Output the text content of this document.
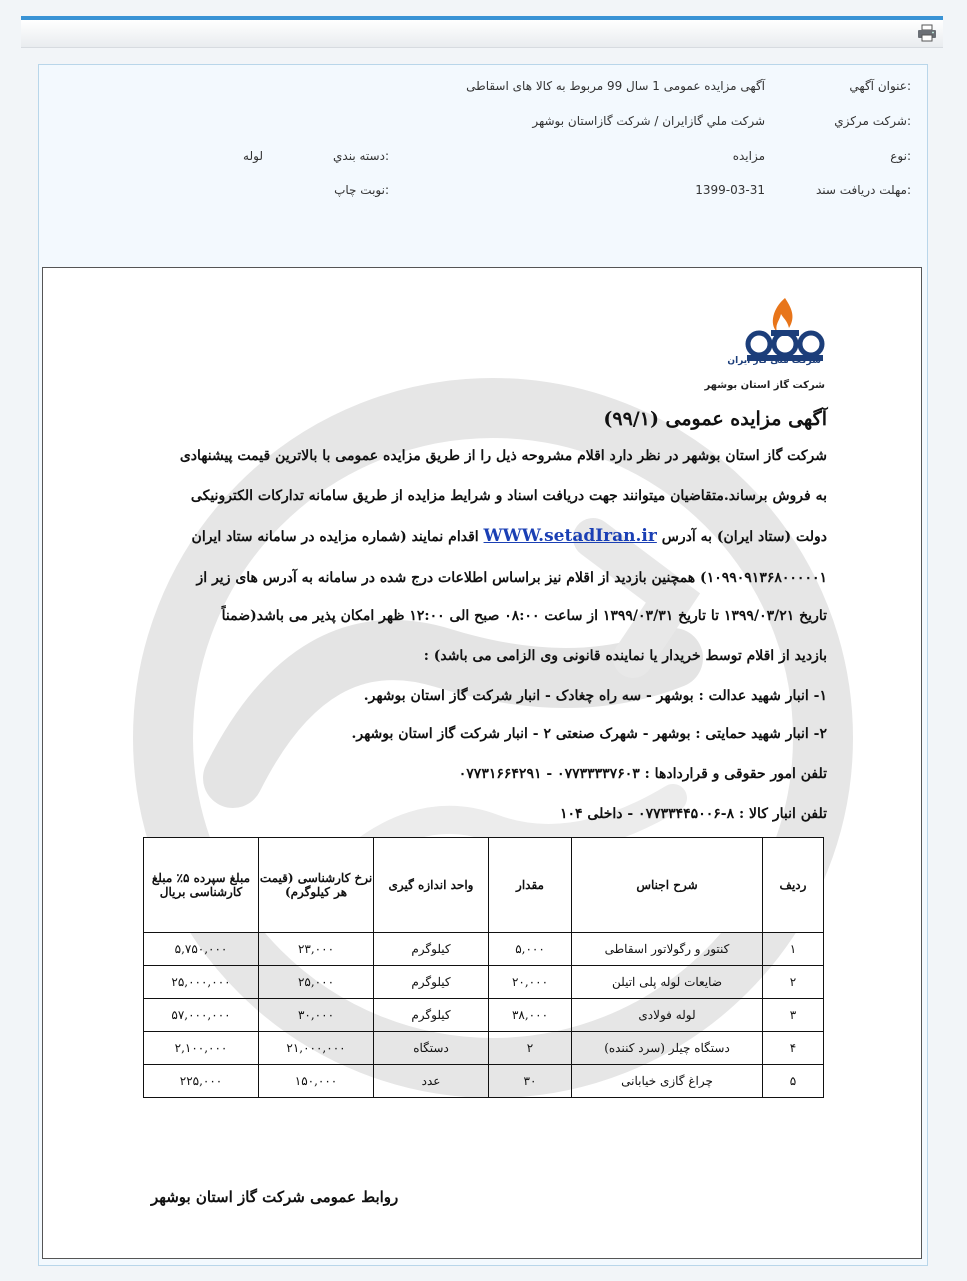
عنوان آگهي:
آگهی مزایده عمومی 1 سال 99 مربوط به کالا های اسقاطی
شرکت مرکزي:
شرکت ملي گازايران / شرکت گازاستان بوشهر
نوع:
مزايده
دسته بندي:
لوله
مهلت دريافت سند:
1399-03-31
نوبت چاپ:
شرکت ملی گاز ایران
شرکت گاز استان بوشهر
آگهی مزایده عمومی (۹۹/۱)
شرکت گاز استان بوشهر در نظر دارد اقلام مشروحه ذیل را از طریق مزایده عمومی با بالاترین قیمت پیشنهادی
به فروش برساند.متقاضیان میتوانند جهت دریافت اسناد و شرایط مزایده از طریق سامانه تدارکات الکترونیکی
دولت (ستاد ایران) به آدرس WWW.setadIran.ir اقدام نمایند (شماره مزایده در سامانه ستاد ایران
۱۰۹۹۰۹۱۳۶۸۰۰۰۰۰۱) همچنین بازدید از اقلام نیز براساس اطلاعات درج شده در سامانه به آدرس های زیر از
تاریخ ۱۳۹۹/۰۳/۲۱ تا تاریخ ۱۳۹۹/۰۳/۳۱ از ساعت ۰۸:۰۰ صبح الی ۱۲:۰۰ ظهر امکان پذیر می باشد(ضمناً
بازدید از اقلام توسط خریدار یا نماینده قانونی وی الزامی می باشد) :
۱- انبار شهید عدالت : بوشهر - سه راه چغادک - انبار شرکت گاز استان بوشهر.
۲- انبار شهید حمایتی : بوشهر - شهرک صنعتی ۲ - انبار شرکت گاز استان بوشهر.
تلفن امور حقوقی و قراردادها : ۰۷۷۳۳۳۳۷۶۰۳ - ۰۷۷۳۱۶۶۴۲۹۱
تلفن انبار کالا : ۸-۰۷۷۳۳۴۴۵۰۰۶ - داخلی ۱۰۴
ردیف	شرح اجناس	مقدار	واحد اندازه گیری	نرخ کارشناسی (قیمت هر کیلوگرم)	مبلغ سپرده ۵٪ مبلغ کارشناسی بریال
۱	کنتور و رگولاتور اسقاطی	۵,۰۰۰	کیلوگرم	۲۳,۰۰۰	۵,۷۵۰,۰۰۰
۲	ضایعات لوله پلی اتیلن	۲۰,۰۰۰	کیلوگرم	۲۵,۰۰۰	۲۵,۰۰۰,۰۰۰
۳	لوله فولادی	۳۸,۰۰۰	کیلوگرم	۳۰,۰۰۰	۵۷,۰۰۰,۰۰۰
۴	دستگاه چیلر (سرد کننده)	۲	دستگاه	۲۱,۰۰۰,۰۰۰	۲,۱۰۰,۰۰۰
۵	چراغ گازی خیابانی	۳۰	عدد	۱۵۰,۰۰۰	۲۲۵,۰۰۰
روابط عمومی شرکت گاز استان بوشهر
